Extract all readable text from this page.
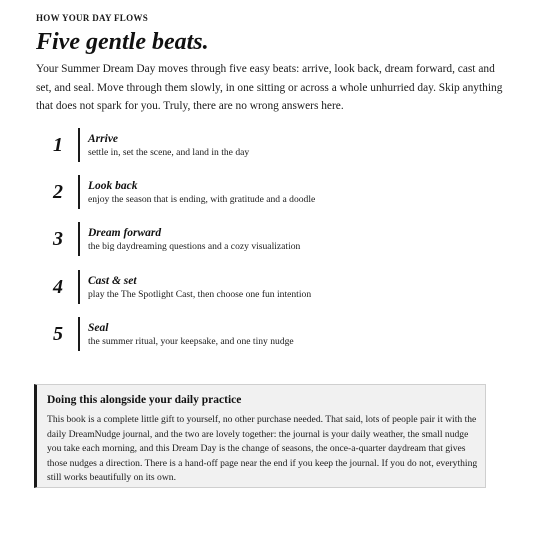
HOW YOUR DAY FLOWS
Five gentle beats.

Your Summer Dream Day moves through five easy beats: arrive, look back, dream forward, cast and set, and seal. Move through them slowly, in one sitting or across a whole unhurried day. Skip anything that does not spark for you. Truly, there are no wrong answers here.

1 Arrive
settle in, set the scene, and land in the day
2 Look back
enjoy the season that is ending, with gratitude and a doodle
3 Dream forward
the big daydreaming questions and a cozy visualization
4 Cast & set
play the The Spotlight Cast, then choose one fun intention
5 Seal
the summer ritual, your keepsake, and one tiny nudge
Doing this alongside your daily practice

This book is a complete little gift to yourself, no other purchase needed. That said, lots of people pair it with the daily DreamNudge journal, and the two are lovely together: the journal is your daily weather, the small nudge you take each morning, and this Dream Day is the change of seasons, the once-a-quarter daydream that gives those nudges a direction. There is a hand-off page near the end if you keep the journal. If you do not, everything still works beautifully on its own.
